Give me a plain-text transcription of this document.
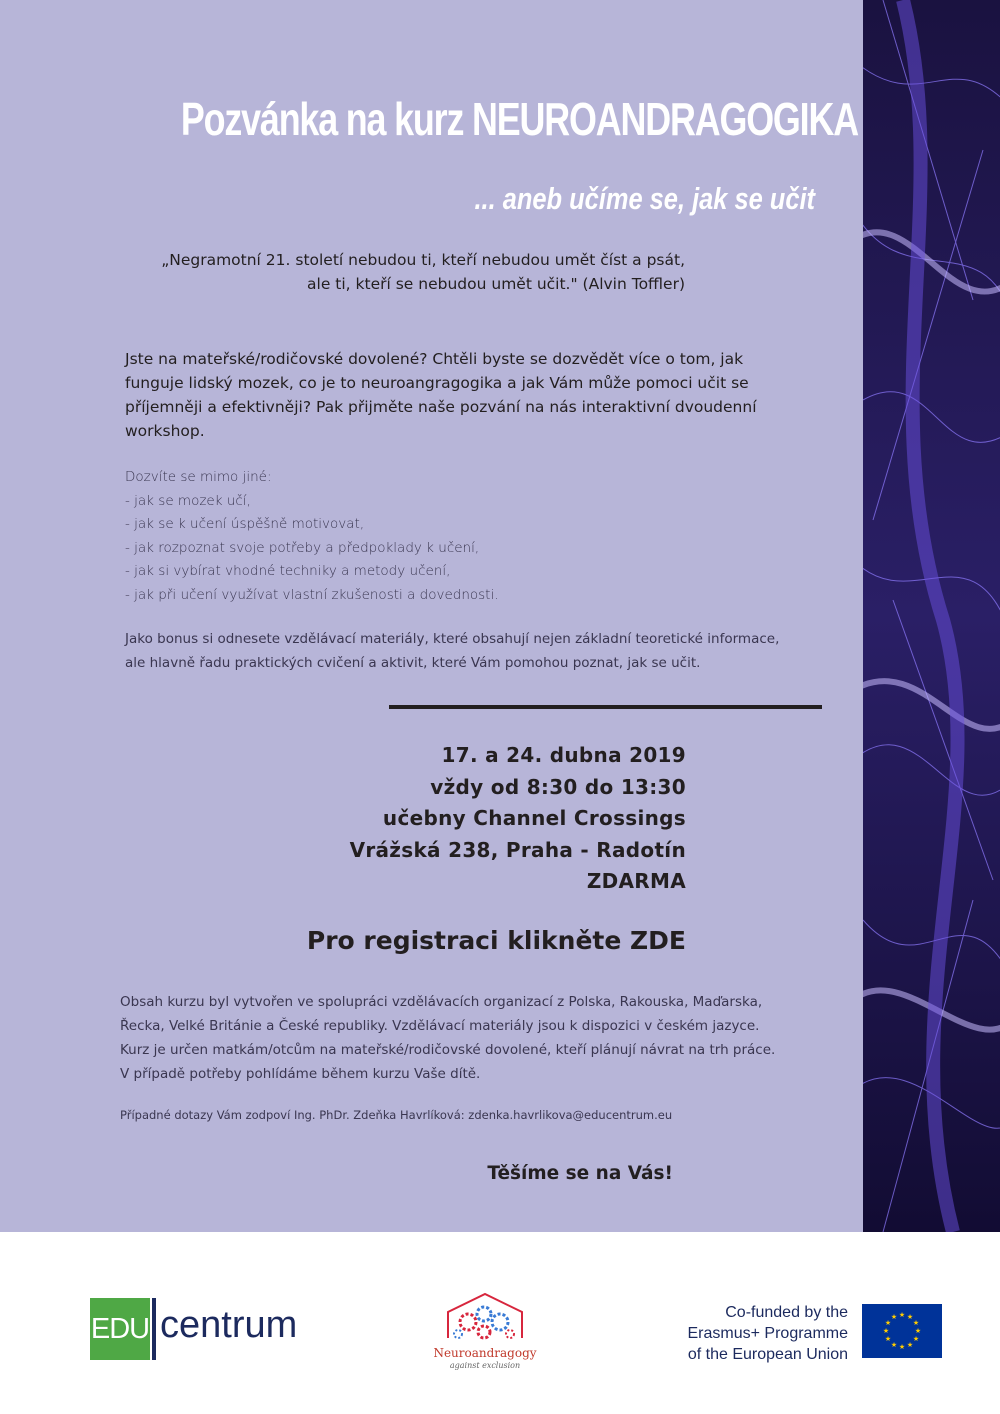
Pozvánka na kurz NEUROANDRAGOGIKA
... aneb učíme se, jak se učit
„Negramotní 21. století nebudou ti, kteří nebudou umět číst a psát,
ale ti, kteří se nebudou umět učit." (Alvin Toffler)
Jste na mateřské/rodičovské dovolené? Chtěli byste se dozvědět více o tom, jak
funguje lidský mozek, co je to neuroangragogika a jak Vám může pomoci učit se
příjemněji a efektivněji? Pak přijměte naše pozvání na nás interaktivní dvoudenní
workshop.
Dozvíte se mimo jiné:
- jak se mozek učí,
- jak se k učení úspěšně motivovat,
- jak rozpoznat svoje potřeby a předpoklady k učení,
- jak si vybírat vhodné techniky a metody učení,
- jak při učení využívat vlastní zkušenosti a dovednosti.
Jako bonus si odnesete vzdělávací materiály, které obsahují nejen základní teoretické informace,
ale hlavně řadu praktických cvičení a aktivit, které Vám pomohou poznat, jak se učit.
17. a 24. dubna 2019
vždy od 8:30 do 13:30
učebny Channel Crossings
Vrážská 238, Praha - Radotín
ZDARMA
Pro registraci klikněte ZDE
Obsah kurzu byl vytvořen ve spolupráci vzdělávacích organizací z Polska, Rakouska, Maďarska,
Řecka, Velké Británie a České republiky. Vzdělávací materiály jsou k dispozici v českém jazyce.
Kurz je určen matkám/otcům na mateřské/rodičovské dovolené, kteří plánují návrat na trh práce.
V případě potřeby pohlídáme během kurzu Vaše dítě.
Případné dotazy Vám zodpoví Ing. PhDr. Zdeňka Havrlíková: zdenka.havrlikova@educentrum.eu
Těšíme se na Vás!
EDU centrum
Neuroandragogy
against exclusion
Co-funded by the
Erasmus+ Programme
of the European Union
★ ★
★
★
★
★
★
★
★
★
★
★
